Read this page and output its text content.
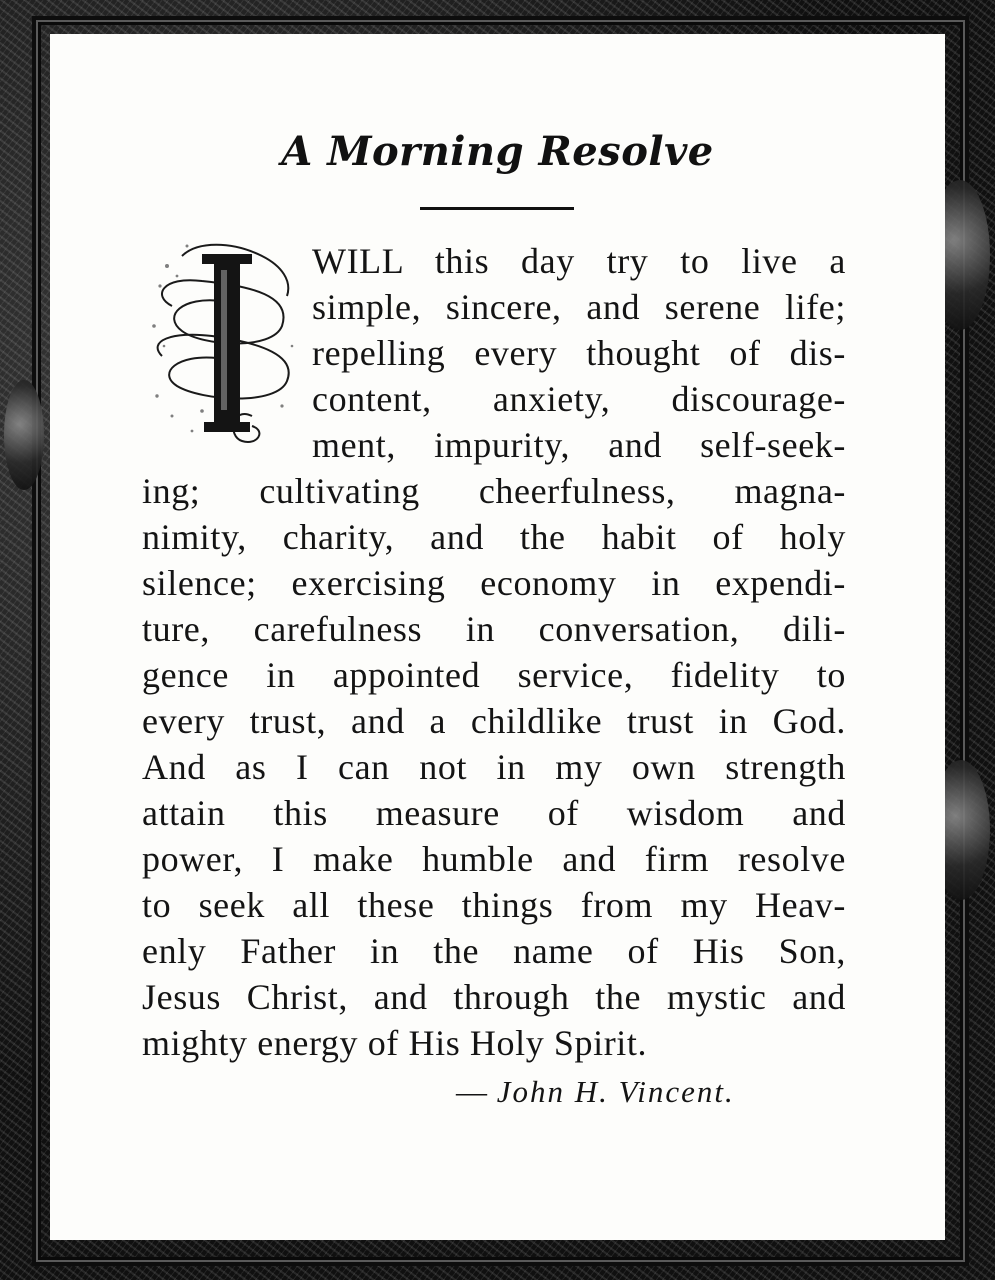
A Morning Resolve
WILL this day try to live a
simple, sincere, and serene life;
repelling every thought of dis-
content, anxiety, discourage-
ment, impurity, and self-seek-
ing; cultivating cheerfulness, magna-
nimity, charity, and the habit of holy
silence; exercising economy in expendi-
ture, carefulness in conversation, dili-
gence in appointed service, fidelity to
every trust, and a childlike trust in God.
And as I can not in my own strength
attain this measure of wisdom and
power, I make humble and firm resolve
to seek all these things from my Heav-
enly Father in the name of His Son,
Jesus Christ, and through the mystic and
mighty energy of His Holy Spirit.
— John H. Vincent.
